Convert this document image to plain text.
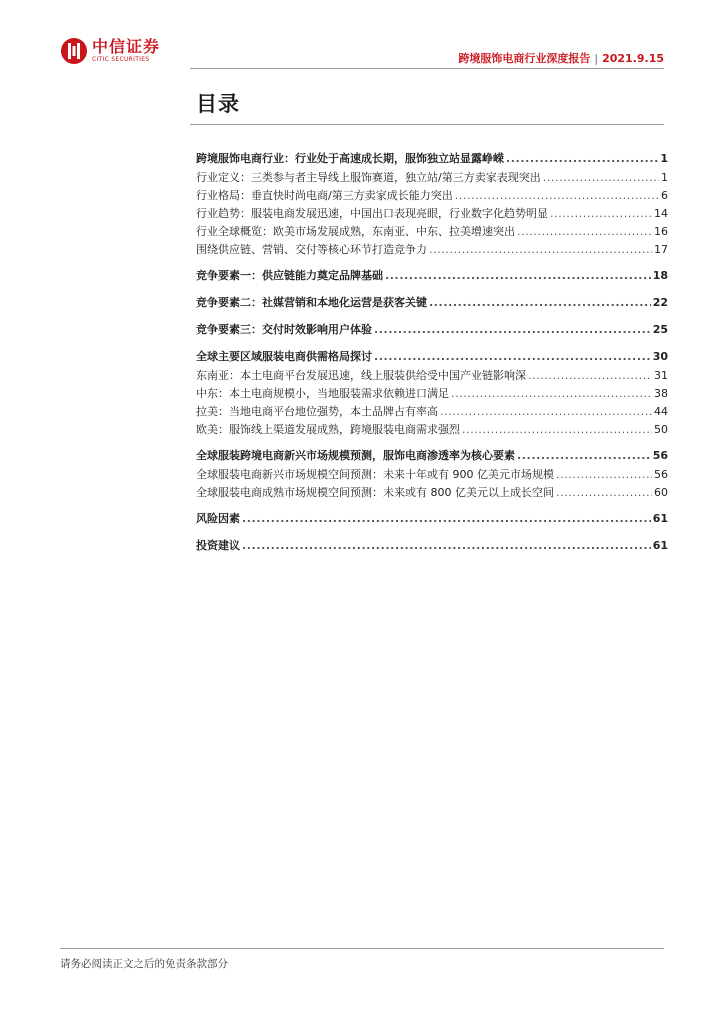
中信证券
CITIC SECURITIES	跨境服饰电商行业深度报告 | 2021.9.15
目录
跨境服饰电商行业：行业处于高速成长期，服饰独立站显露峥嵘 .....	1
行业定义：三类参与者主导线上服饰赛道，独立站/第三方卖家表现突出 .....	1
行业格局：垂直快时尚电商/第三方卖家成长能力突出 .....	6
行业趋势：服装电商发展迅速，中国出口表现亮眼，行业数字化趋势明显 .....	14
行业全球概览：欧美市场发展成熟，东南亚、中东、拉美增速突出 .....	16
围绕供应链、营销、交付等核心环节打造竞争力 .....	17
竞争要素一：供应链能力奠定品牌基础 .....	18
竞争要素二：社媒营销和本地化运营是获客关键 .....	22
竞争要素三：交付时效影响用户体验 .....	25
全球主要区域服装电商供需格局探讨 .....	30
东南亚：本土电商平台发展迅速，线上服装供给受中国产业链影响深 .....	31
中东：本土电商规模小，当地服装需求依赖进口满足 .....	38
拉美：当地电商平台地位强势，本土品牌占有率高 .....	44
欧美：服饰线上渠道发展成熟，跨境服装电商需求强烈 .....	50
全球服装跨境电商新兴市场规模预测，服饰电商渗透率为核心要素 .....	56
全球服装电商新兴市场规模空间预测：未来十年或有 900 亿美元市场规模 .....	56
全球服装电商成熟市场规模空间预测：未来或有 800 亿美元以上成长空间 .....	60
风险因素 .....	61
投资建议 .....	61
请务必阅读正文之后的免责条款部分
